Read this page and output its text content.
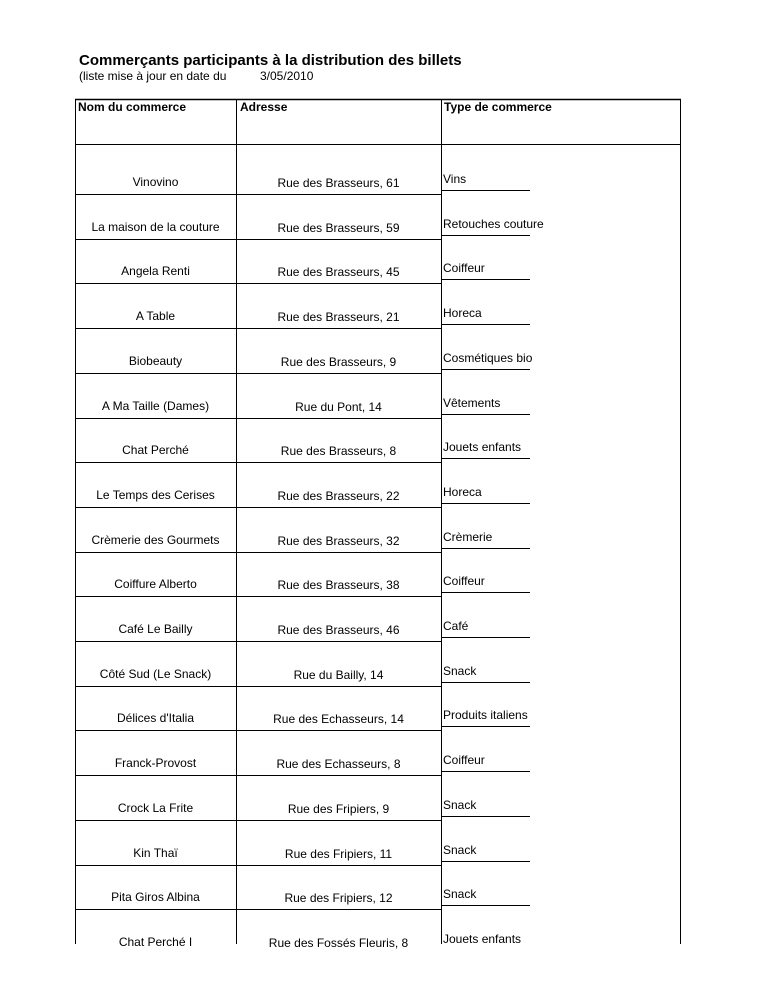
Commerçants participants à la distribution des billets
(liste mise à jour en date du	3/05/2010
Nom du commerce	Adresse	Type de commerce
Vinovino	Rue des Brasseurs, 61	Vins
La maison de la couture	Rue des Brasseurs, 59	Retouches couture
Angela Renti	Rue des Brasseurs, 45	Coiffeur
A Table	Rue des Brasseurs, 21	Horeca
Biobeauty	Rue des Brasseurs, 9	Cosmétiques bio
A Ma Taille (Dames)	Rue du Pont, 14	Vêtements
Chat Perché	Rue des Brasseurs, 8	Jouets enfants
Le Temps des Cerises	Rue des Brasseurs, 22	Horeca
Crèmerie des Gourmets	Rue des Brasseurs, 32	Crèmerie
Coiffure Alberto	Rue des Brasseurs, 38	Coiffeur
Café Le Bailly	Rue des Brasseurs, 46	Café
Côté Sud (Le Snack)	Rue du Bailly, 14	Snack
Délices d'Italia	Rue des Echasseurs, 14	Produits italiens
Franck-Provost	Rue des Echasseurs, 8	Coiffeur
Crock La Frite	Rue des Fripiers, 9	Snack
Kin Thaï	Rue des Fripiers, 11	Snack
Pita Giros Albina	Rue des Fripiers, 12	Snack
Chat Perché I	Rue des Fossés Fleuris, 8	Jouets enfants
